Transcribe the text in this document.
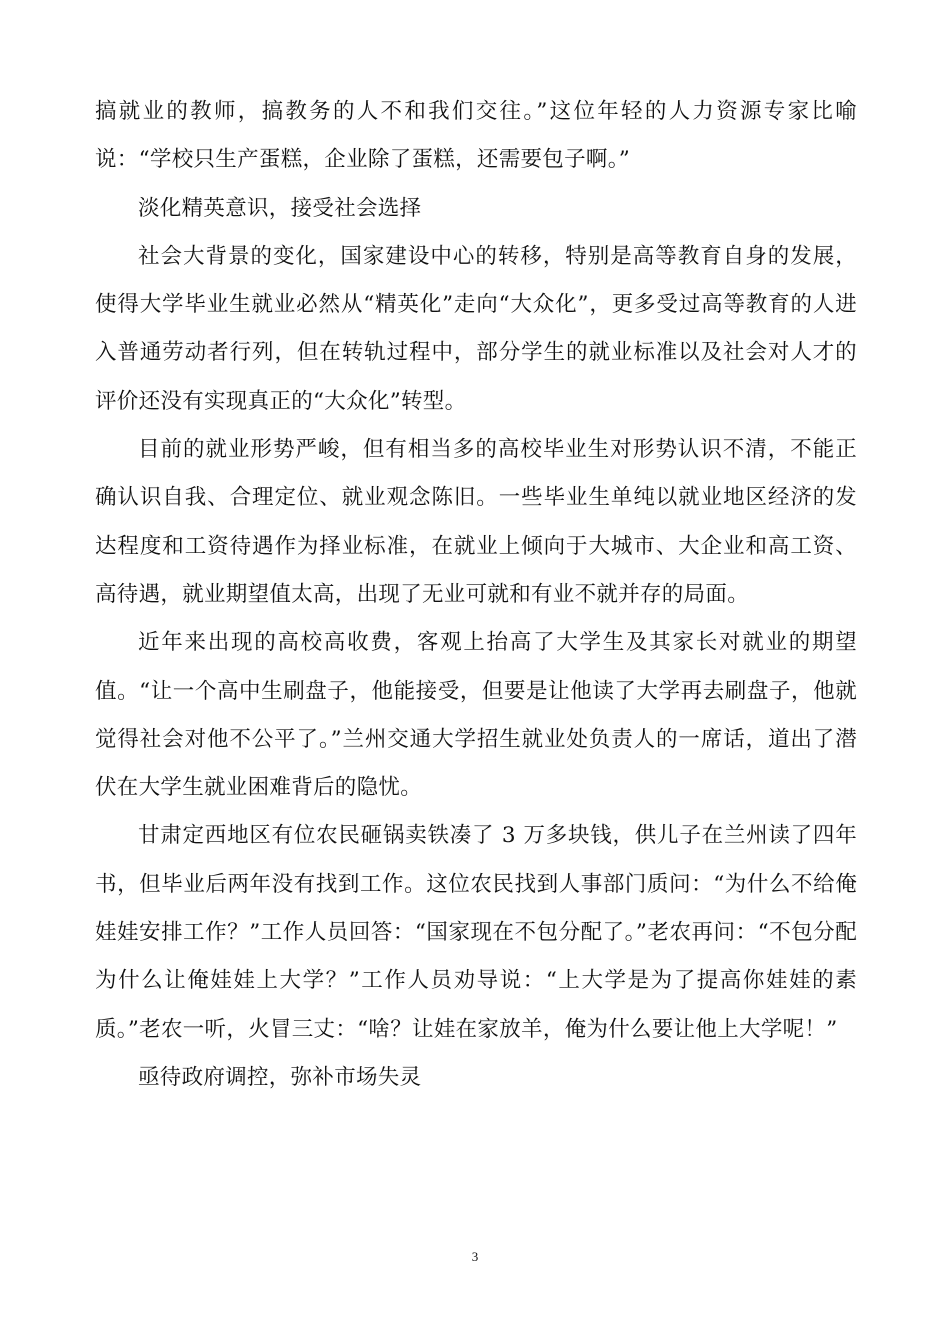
搞就业的教师，搞教务的人不和我们交往。”这位年轻的人力资源专家比喻说：“学校只生产蛋糕，企业除了蛋糕，还需要包子啊。”

淡化精英意识，接受社会选择

社会大背景的变化，国家建设中心的转移，特别是高等教育自身的发展，使得大学毕业生就业必然从“精英化”走向“大众化”，更多受过高等教育的人进入普通劳动者行列，但在转轨过程中，部分学生的就业标准以及社会对人才的评价还没有实现真正的“大众化”转型。

目前的就业形势严峻，但有相当多的高校毕业生对形势认识不清，不能正确认识自我、合理定位、就业观念陈旧。一些毕业生单纯以就业地区经济的发达程度和工资待遇作为择业标准，在就业上倾向于大城市、大企业和高工资、高待遇，就业期望值太高，出现了无业可就和有业不就并存的局面。

近年来出现的高校高收费，客观上抬高了大学生及其家长对就业的期望值。“让一个高中生刷盘子，他能接受，但要是让他读了大学再去刷盘子，他就觉得社会对他不公平了。”兰州交通大学招生就业处负责人的一席话，道出了潜伏在大学生就业困难背后的隐忧。

甘肃定西地区有位农民砸锅卖铁凑了 3 万多块钱，供儿子在兰州读了四年书，但毕业后两年没有找到工作。这位农民找到人事部门质问：“为什么不给俺娃娃安排工作？”工作人员回答：“国家现在不包分配了。”老农再问：“不包分配为什么让俺娃娃上大学？”工作人员劝导说：“上大学是为了提高你娃娃的素质。”老农一听，火冒三丈：“啥？让娃在家放羊，俺为什么要让他上大学呢！”

亟待政府调控，弥补市场失灵

3
